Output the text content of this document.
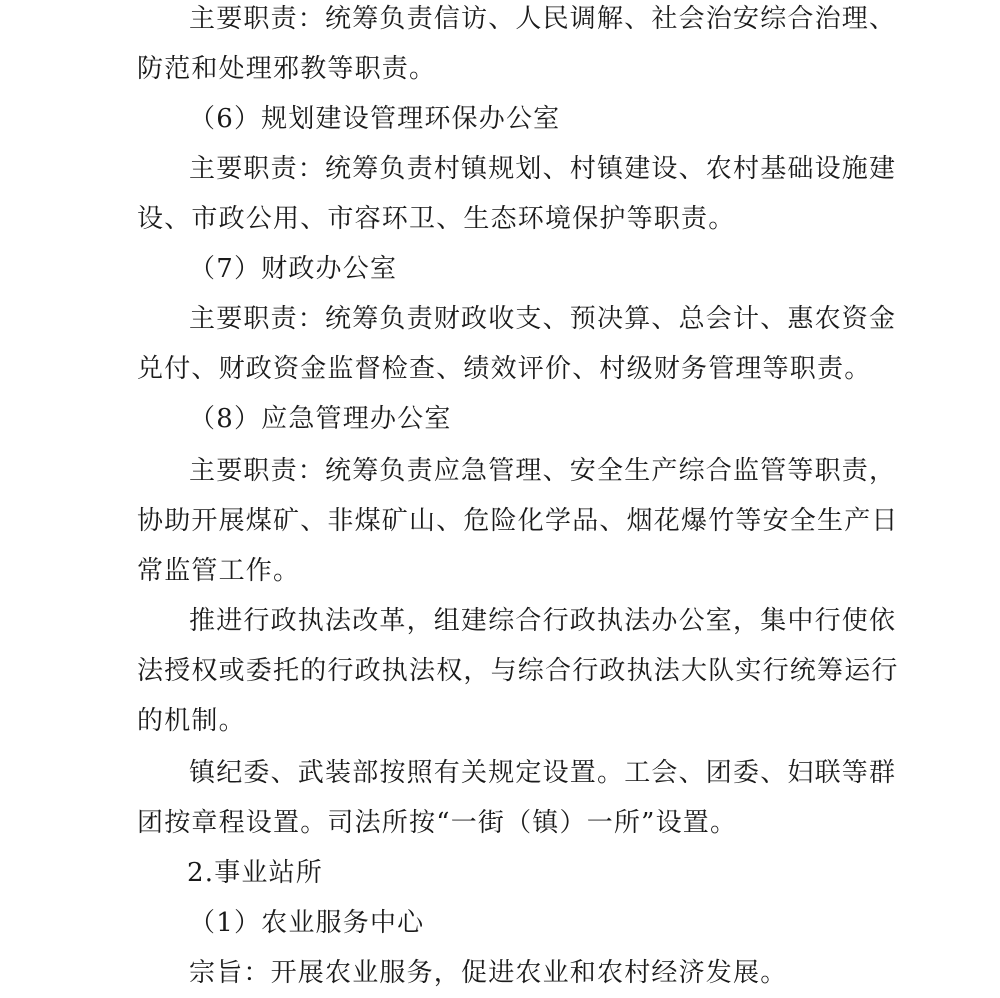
主要职责：统筹负责信访、人民调解、社会治安综合治理、
防范和处理邪教等职责。
（6）规划建设管理环保办公室
主要职责：统筹负责村镇规划、村镇建设、农村基础设施建
设、市政公用、市容环卫、生态环境保护等职责。
（7）财政办公室
主要职责：统筹负责财政收支、预决算、总会计、惠农资金
兑付、财政资金监督检查、绩效评价、村级财务管理等职责。
（8）应急管理办公室
主要职责：统筹负责应急管理、安全生产综合监管等职责，
协助开展煤矿、非煤矿山、危险化学品、烟花爆竹等安全生产日
常监管工作。
推进行政执法改革，组建综合行政执法办公室，集中行使依
法授权或委托的行政执法权，与综合行政执法大队实行统筹运行
的机制。
镇纪委、武装部按照有关规定设置。工会、团委、妇联等群
团按章程设置。司法所按“一街（镇）一所”设置。
2.事业站所
（1）农业服务中心
宗旨：开展农业服务，促进农业和农村经济发展。
